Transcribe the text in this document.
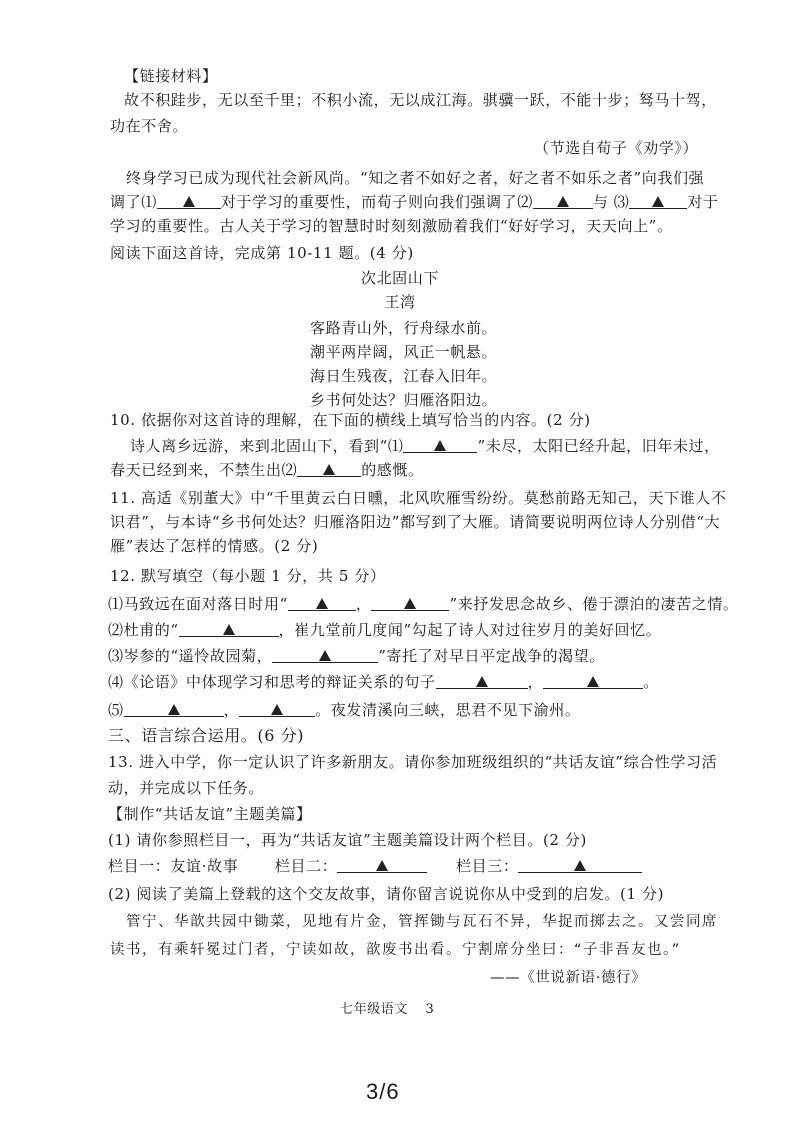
【链接材料】
故不积跬步，无以至千里；不积小流，无以成江海。骐骥一跃，不能十步；驽马十驾，
功在不舍。
（节选自荀子《劝学》）
终身学习已成为现代社会新风尚。“知之者不如好之者，好之者不如乐之者”向我们强
调了⑴	对于学习的重要性，而荀子则向我们强调了⑵	与 ⑶	对于
学习的重要性。古人关于学习的智慧时时刻刻激励着我们“好好学习，天天向上”。
阅读下面这首诗，完成第 10-11 题。(4 分)
次北固山下
王湾
客路青山外，行舟绿水前。
潮平两岸阔，风正一帆悬。
海日生残夜，江春入旧年。
乡书何处达？归雁洛阳边。
10. 依据你对这首诗的理解，在下面的横线上填写恰当的内容。(2 分)
诗人离乡远游，来到北固山下，看到“⑴	”未尽，太阳已经升起，旧年未过，
春天已经到来，不禁生出⑵	的感慨。
11. 高适《别董大》中“千里黄云白日曛，北风吹雁雪纷纷。莫愁前路无知己，天下谁人不
识君”，与本诗“乡书何处达？归雁洛阳边”都写到了大雁。请简要说明两位诗人分别借“大
雁”表达了怎样的情感。(2 分)
12. 默写填空（每小题 1 分，共 5 分）
⑴马致远在面对落日时用“	，	”来抒发思念故乡、倦于漂泊的凄苦之情。
⑵杜甫的“	，崔九堂前几度闻”勾起了诗人对过往岁月的美好回忆。
⑶岑参的“遥怜故园菊，	”寄托了对早日平定战争的渴望。
⑷《论语》中体现学习和思考的辩证关系的句子	，	。
⑸	，	。夜发清溪向三峡，思君不见下渝州。
三、语言综合运用。(6 分)
13. 进入中学，你一定认识了许多新朋友。请你参加班级组织的“共话友谊”综合性学习活
动，并完成以下任务。
【制作“共话友谊”主题美篇】
(1) 请你参照栏目一，再为“共话友谊”主题美篇设计两个栏目。(2 分)
栏目一：友谊·故事 栏目二：	栏目三：
(2) 阅读了美篇上登载的这个交友故事，请你留言说说你从中受到的启发。(1 分)
管宁、华歆共园中锄菜，见地有片金，管挥锄与瓦石不异，华捉而掷去之。又尝同席
读书，有乘轩冕过门者，宁读如故，歆废书出看。宁割席分坐曰：“子非吾友也。”
——《世说新语·德行》
七年级语文 3
3/6
